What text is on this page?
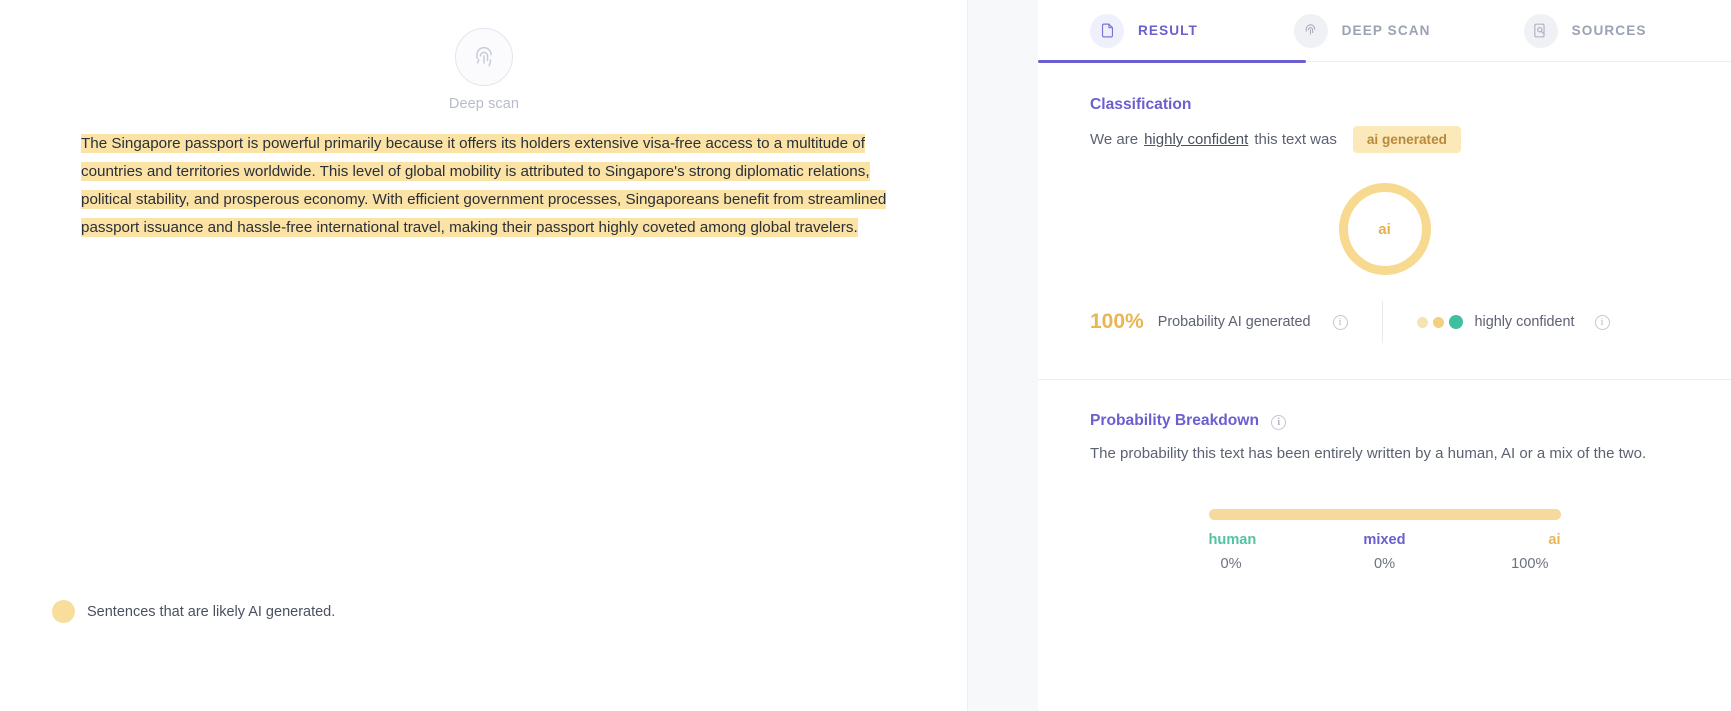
Deep scan
The Singapore passport is powerful primarily because it offers its holders extensive visa-free access to a multitude of countries and territories worldwide. This level of global mobility is attributed to Singapore's strong diplomatic relations, political stability, and prosperous economy. With efficient government processes, Singaporeans benefit from streamlined passport issuance and hassle-free international travel, making their passport highly coveted among global travelers.
Sentences that are likely AI generated.
RESULT	DEEP SCAN	SOURCES
Classification
We are highly confident this text was	ai generated
ai
100% Probability AI generated	i	highly confident	i
Probability Breakdown i
The probability this text has been entirely written by a human, AI or a mix of the two.
human
0%
mixed
0%
ai
100%
